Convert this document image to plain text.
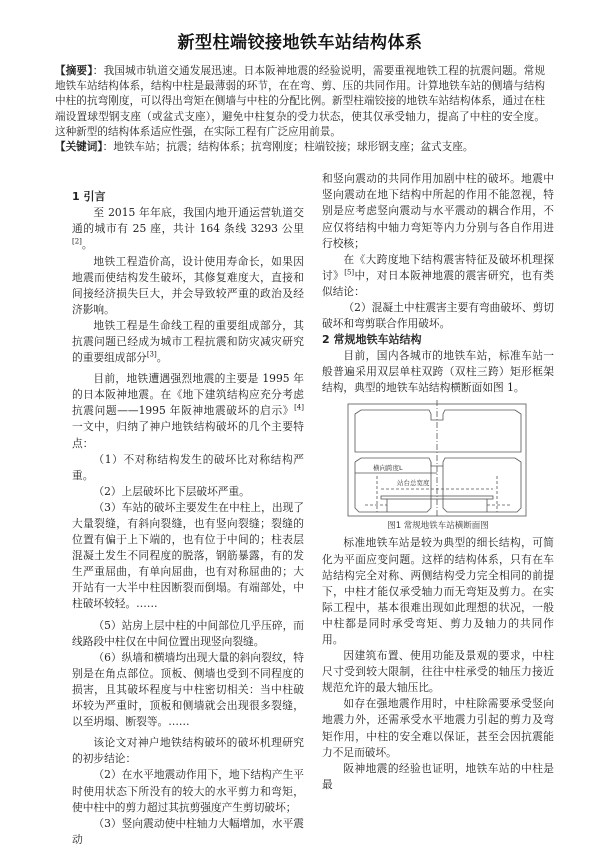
新型柱端铰接地铁车站结构体系

【摘要】：我国城市轨道交通发展迅速。日本阪神地震的经验说明，需要重视地铁工程的抗震问题。常规地铁车站结构体系，结构中柱是最薄弱的环节，在在弯、剪、压的共同作用。计算地铁车站的侧墙与结构中柱的抗弯刚度，可以得出弯矩在侧墙与中柱的分配比例。新型柱端铰接的地铁车站结构体系，通过在柱端设置球型钢支座（或盆式支座），避免中柱复杂的受力状态，使其仅承受轴力，提高了中柱的安全度。这种新型的结构体系适应性强，在实际工程有广泛应用前景。

【关键词】：地铁车站；抗震；结构体系；抗弯刚度；柱端铰接；球形钢支座；盆式支座。

1 引言

至 2015 年年底，我国内地开通运营轨道交通的城市有 25 座，共计 164 条线 3293 公里[2]。

地铁工程造价高，设计使用寿命长，如果因地震而使结构发生破坏，其修复难度大，直接和间接经济损失巨大，并会导致较严重的政治及经济影响。

地铁工程是生命线工程的重要组成部分，其抗震问题已经成为城市工程抗震和防灾减灾研究的重要组成部分[3]。

目前，地铁遭遇强烈地震的主要是 1995 年的日本阪神地震。在《地下建筑结构应充分考虑抗震问题——1995 年阪神地震破坏的启示》[4]一文中，归纳了神户地铁结构破坏的几个主要特点：

（1）不对称结构发生的破坏比对称结构严重。

（2）上层破坏比下层破坏严重。

（3）车站的破坏主要发生在中柱上，出现了大量裂缝，有斜向裂缝，也有竖向裂缝；裂缝的位置有偏于上下端的，也有位于中间的；柱表层混凝土发生不同程度的脱落，钢筋暴露，有的发生严重屈曲，有单向屈曲，也有对称屈曲的；大开站有一大半中柱因断裂而倒塌。有端部处，中柱破坏较轻。……

（5）站房上层中柱的中间部位几乎压碎，而线路段中柱仅在中间位置出现竖向裂缝。

（6）纵墙和横墙均出现大量的斜向裂纹，特别是在角点部位。顶板、侧墙也受到不同程度的损害，且其破坏程度与中柱密切相关：当中柱破坏较为严重时，顶板和侧墙就会出现很多裂缝，以至坍塌、断裂等。……

该论文对神户地铁结构破坏的破坏机理研究的初步结论：

（2）在水平地震动作用下，地下结构产生平时使用状态下所没有的较大的水平剪力和弯矩，使中柱中的剪力超过其抗剪强度产生剪切破坏；

（3）竖向震动使中柱轴力大幅增加，水平震动

和竖向震动的共同作用加剧中柱的破坏。地震中竖向震动在地下结构中所起的作用不能忽视，特别是应考虑竖向震动与水平震动的耦合作用，不应仅将结构中轴力弯矩等内力分别与各自作用进行校核；

在《大跨度地下结构震害特征及破坏机理探讨》[5]中，对日本阪神地震的震害研究，也有类似结论：

（2）混凝土中柱震害主要有弯曲破坏、剪切破坏和弯剪联合作用破坏。

2 常规地铁车站结构

目前，国内各城市的地铁车站，标准车站一般普遍采用双层单柱双跨（双柱三跨）矩形框架结构，典型的地铁车站结构横断面如图 1。

横向跨度L
站台总宽度
图1 常规地铁车站横断面图

标准地铁车站是较为典型的细长结构，可简化为平面应变问题。这样的结构体系，只有在车站结构完全对称、两侧结构受力完全相同的前提下，中柱才能仅承受轴力而无弯矩及剪力。在实际工程中，基本很难出现如此理想的状况，一般中柱都是同时承受弯矩、剪力及轴力的共同作用。

因建筑布置、使用功能及景观的要求，中柱尺寸受到较大限制，往往中柱承受的轴压力接近规范允许的最大轴压比。

如存在强地震作用时，中柱除需要承受竖向地震力外，还需承受水平地震力引起的剪力及弯矩作用，中柱的安全难以保证，甚至会因抗震能力不足而破坏。

阪神地震的经验也证明，地铁车站的中柱是最
